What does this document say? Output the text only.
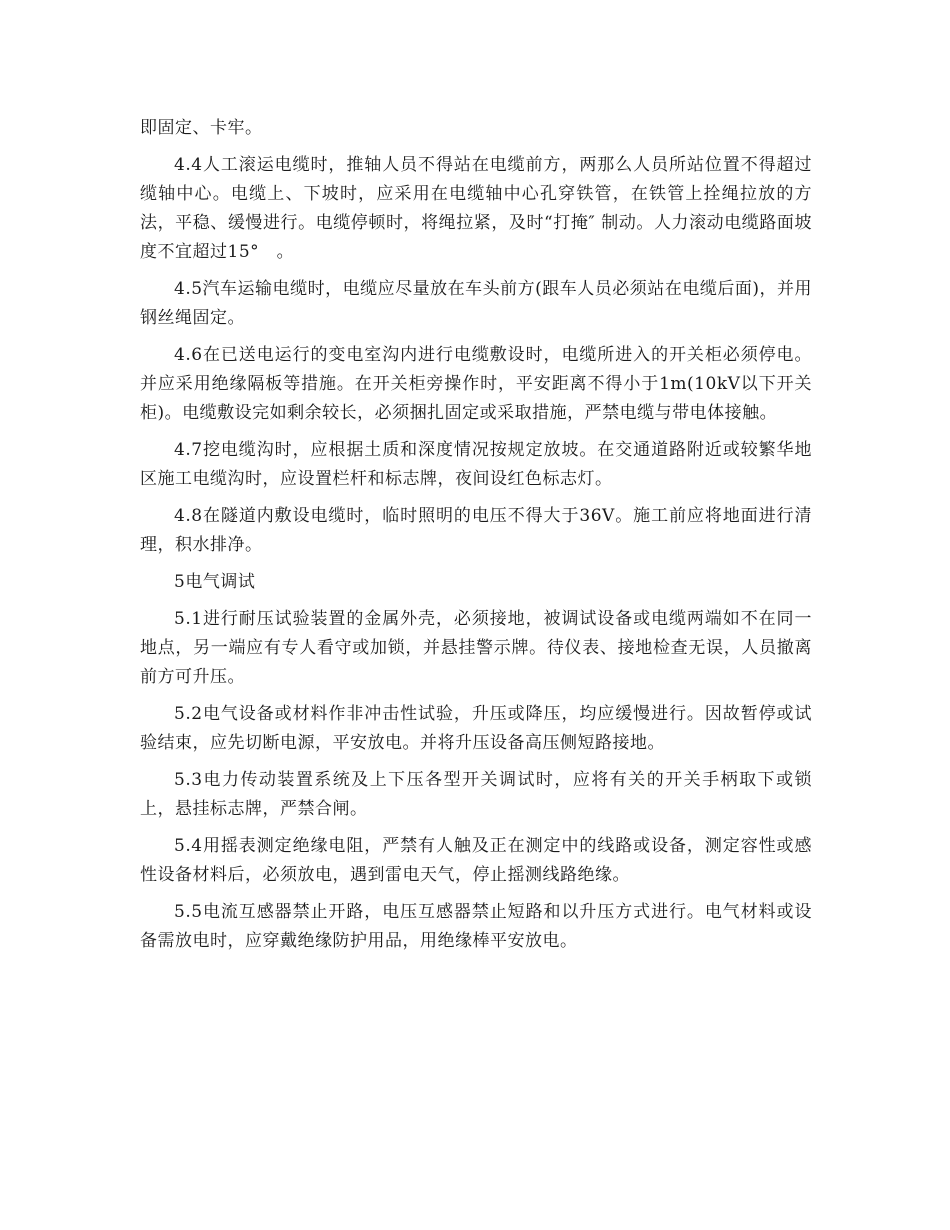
即固定、卡牢。

4.4人工滚运电缆时，推轴人员不得站在电缆前方，两那么人员所站位置不得超过缆轴中心。电缆上、下坡时，应采用在电缆轴中心孔穿铁管，在铁管上拴绳拉放的方法，平稳、缓慢进行。电缆停顿时，将绳拉紧，及时“打掩″ 制动。人力滚动电缆路面坡度不宜超过15°　。

4.5汽车运输电缆时，电缆应尽量放在车头前方(跟车人员必须站在电缆后面)，并用钢丝绳固定。

4.6在已送电运行的变电室沟内进行电缆敷设时，电缆所进入的开关柜必须停电。并应采用绝缘隔板等措施。在开关柜旁操作时，平安距离不得小于1m(10kV以下开关柜)。电缆敷设完如剩余较长，必须捆扎固定或采取措施，严禁电缆与带电体接触。

4.7挖电缆沟时，应根据土质和深度情况按规定放坡。在交通道路附近或较繁华地区施工电缆沟时，应设置栏杆和标志牌，夜间设红色标志灯。

4.8在隧道内敷设电缆时，临时照明的电压不得大于36V。施工前应将地面进行清理，积水排净。

5电气调试

5.1进行耐压试验装置的金属外壳，必须接地，被调试设备或电缆两端如不在同一地点，另一端应有专人看守或加锁，并悬挂警示牌。待仪表、接地检查无误，人员撤离前方可升压。

5.2电气设备或材料作非冲击性试验，升压或降压，均应缓慢进行。因故暂停或试验结束，应先切断电源，平安放电。并将升压设备高压侧短路接地。

5.3电力传动装置系统及上下压各型开关调试时，应将有关的开关手柄取下或锁上，悬挂标志牌，严禁合闸。

5.4用摇表测定绝缘电阻，严禁有人触及正在测定中的线路或设备，测定容性或感性设备材料后，必须放电，遇到雷电天气，停止摇测线路绝缘。

5.5电流互感器禁止开路，电压互感器禁止短路和以升压方式进行。电气材料或设备需放电时，应穿戴绝缘防护用品，用绝缘棒平安放电。
